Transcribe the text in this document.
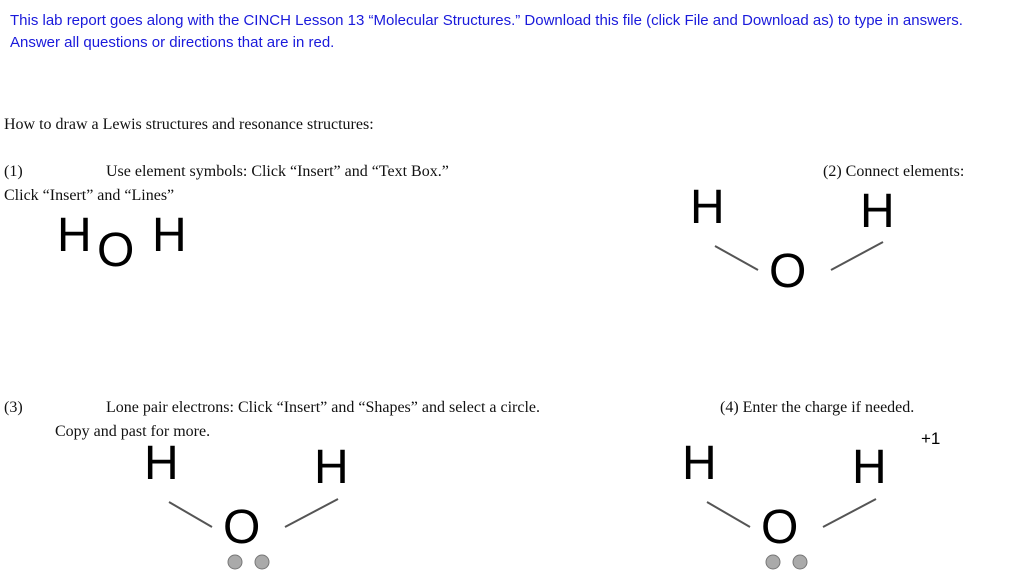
This lab report goes along with the CINCH Lesson 13 “Molecular Structures.” Download this file (click File and Download as) to type in answers.
Answer all questions or directions that are in red.
How to draw a Lewis structures and resonance structures:
(1)	Use element symbols: Click “Insert” and “Text Box.”
Click “Insert” and “Lines”
H O H
(2) Connect elements:
H	H
O
(3)	Lone pair electrons: Click “Insert” and “Shapes” and select a circle.
Copy and past for more.
H	H
O
(4) Enter the charge if needed.
+1
H	H
O
